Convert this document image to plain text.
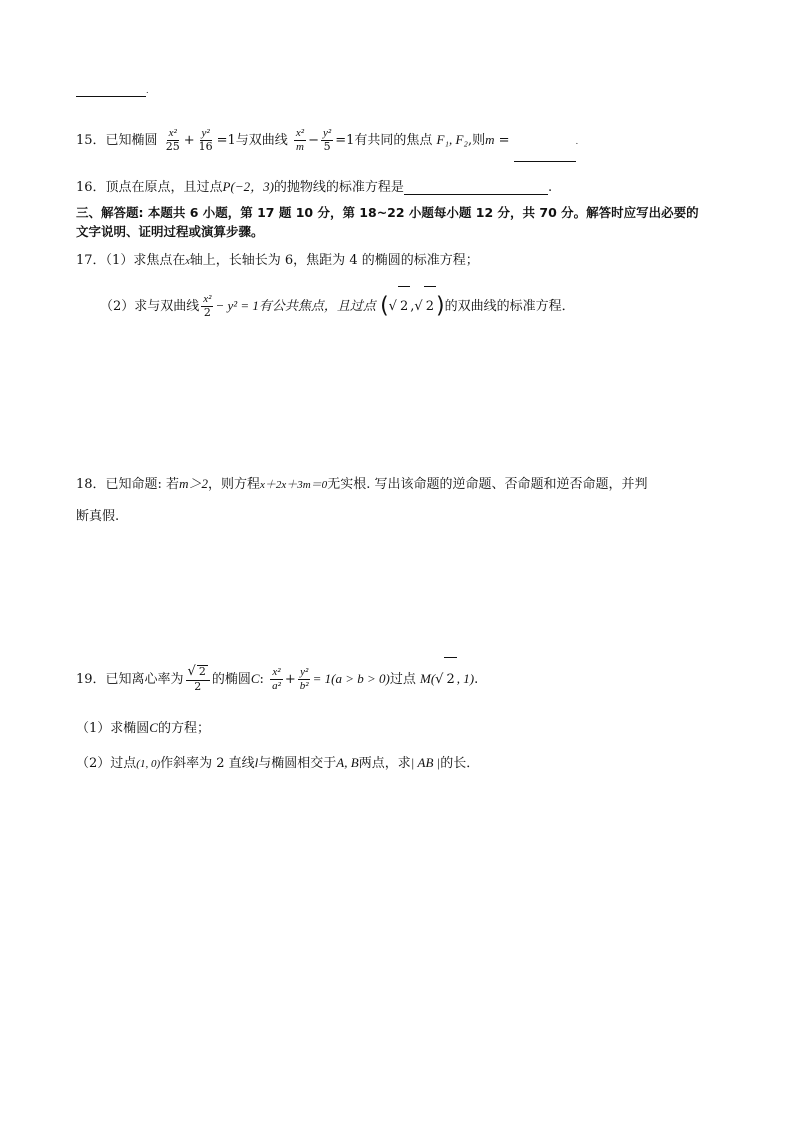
.
15．已知椭圆 $\frac{\text{x²}}{25} + \frac{\text{y²}}{16} =1$与双曲线 $\frac{\text{x²}}{m} - \frac{\text{y²}}{5} =1$有共同的焦点 F₁, F₂,则m =	.
16．顶点在原点，且过点P(−2，3)的抛物线的标准方程是	.
三、解答题: 本题共 6 小题，第 17 题 10 分，第 18~22 小题每小题 12 分，共 70 分。解答时应写出必要的
文字说明、证明过程或演算步骤。
17．（1）求焦点在x轴上，长轴长为 6，焦距为 4 的椭圆的标准方程；
（2）求与双曲线 $\frac{\text{x²}}{2} - y^2 = 1$有公共焦点，且过点 (√ 2 ,√ 2)的双曲线的标准方程．
18．已知命题: 若m＞2，则方程x＋2x＋3m＝0无实根. 写出该命题的逆命题、否命题和逆否命题，并判
断真假.
19．已知离心率为 $\frac{√ 2}{2}$ 的椭圆C: $\frac{\text{x²}}{\text{a²}} + \frac{\text{y²}}{\text{b²}} = 1(a > b > 0)$过点 M(√ 2 , 1).
（1）求椭圆C的方程；
（2）过点(1, 0)作斜率为 2 直线l与椭圆相交于A, B两点，求| AB |的长．
